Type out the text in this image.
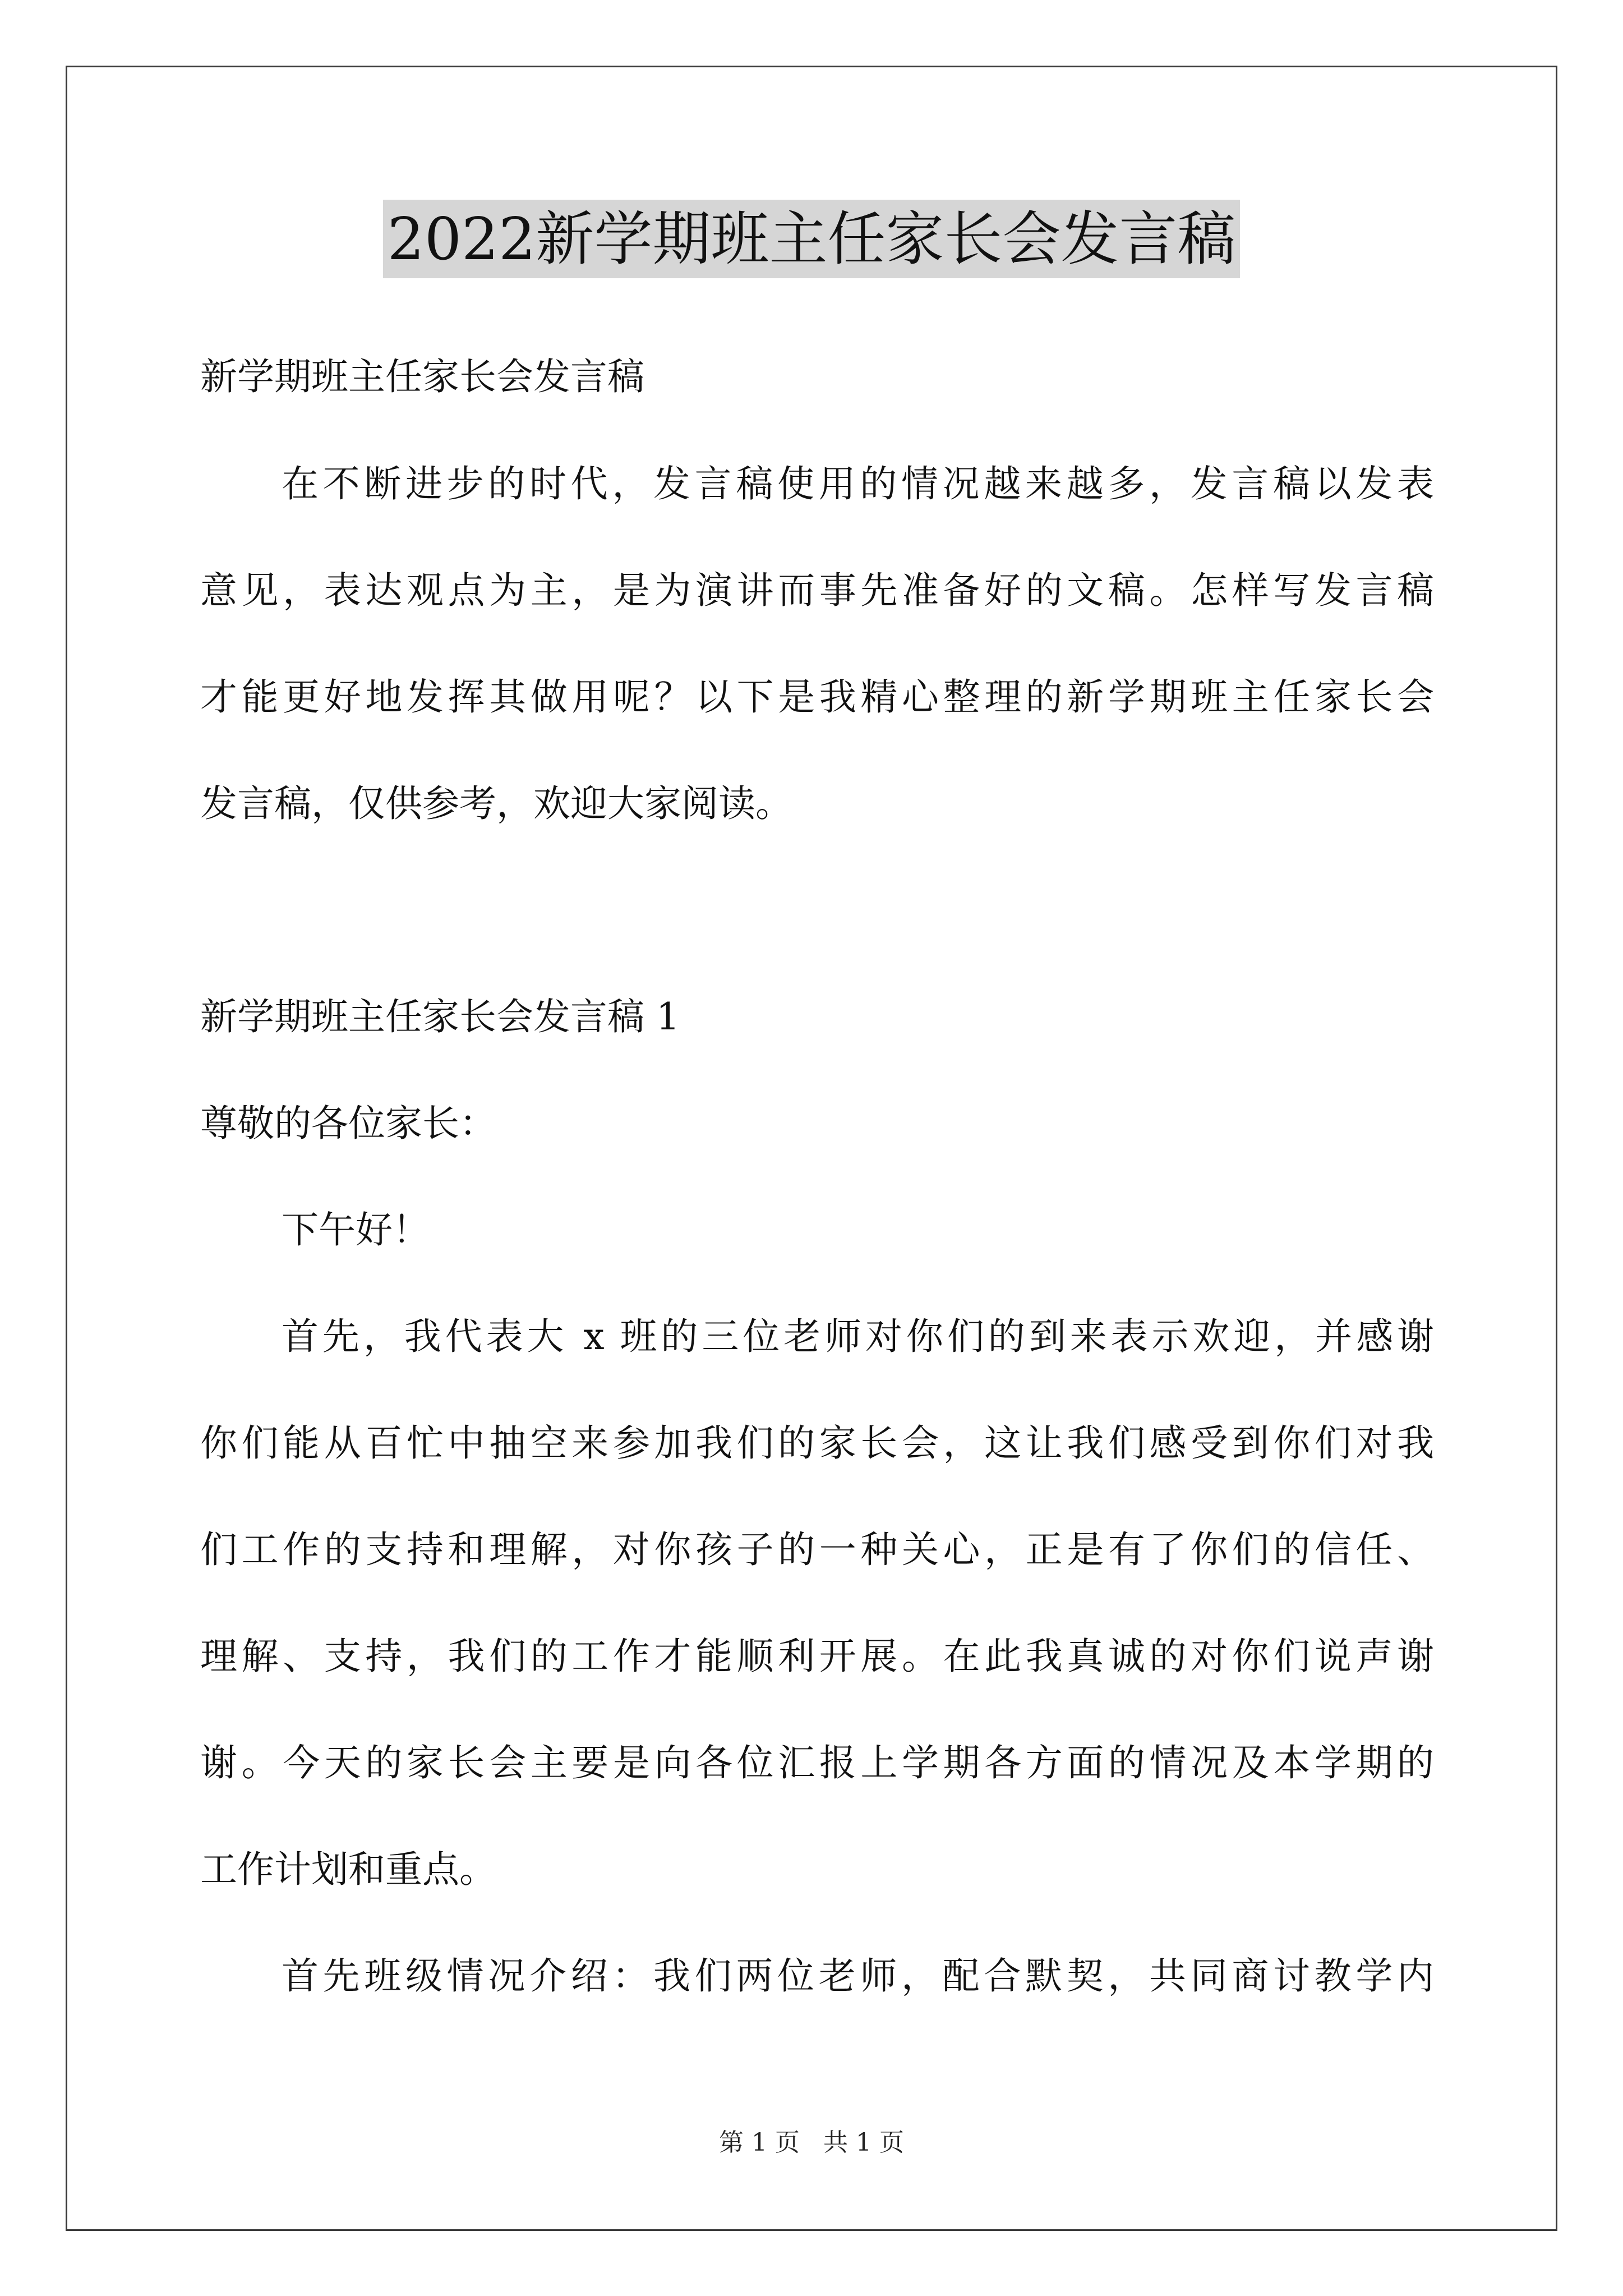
2022新学期班主任家长会发言稿
新学期班主任家长会发言稿
在不断进步的时代，发言稿使用的情况越来越多，发言稿以发表
意见，表达观点为主，是为演讲而事先准备好的文稿。怎样写发言稿
才能更好地发挥其做用呢？以下是我精心整理的新学期班主任家长会
发言稿，仅供参考，欢迎大家阅读。
新学期班主任家长会发言稿 1
尊敬的各位家长：
下午好！
首先，我代表大 x 班的三位老师对你们的到来表示欢迎，并感谢
你们能从百忙中抽空来参加我们的家长会，这让我们感受到你们对我
们工作的支持和理解，对你孩子的一种关心，正是有了你们的信任、
理解、支持，我们的工作才能顺利开展。在此我真诚的对你们说声谢
谢。今天的家长会主要是向各位汇报上学期各方面的情况及本学期的
工作计划和重点。
首先班级情况介绍：我们两位老师，配合默契，共同商讨教学内
第 1 页 共 1 页
